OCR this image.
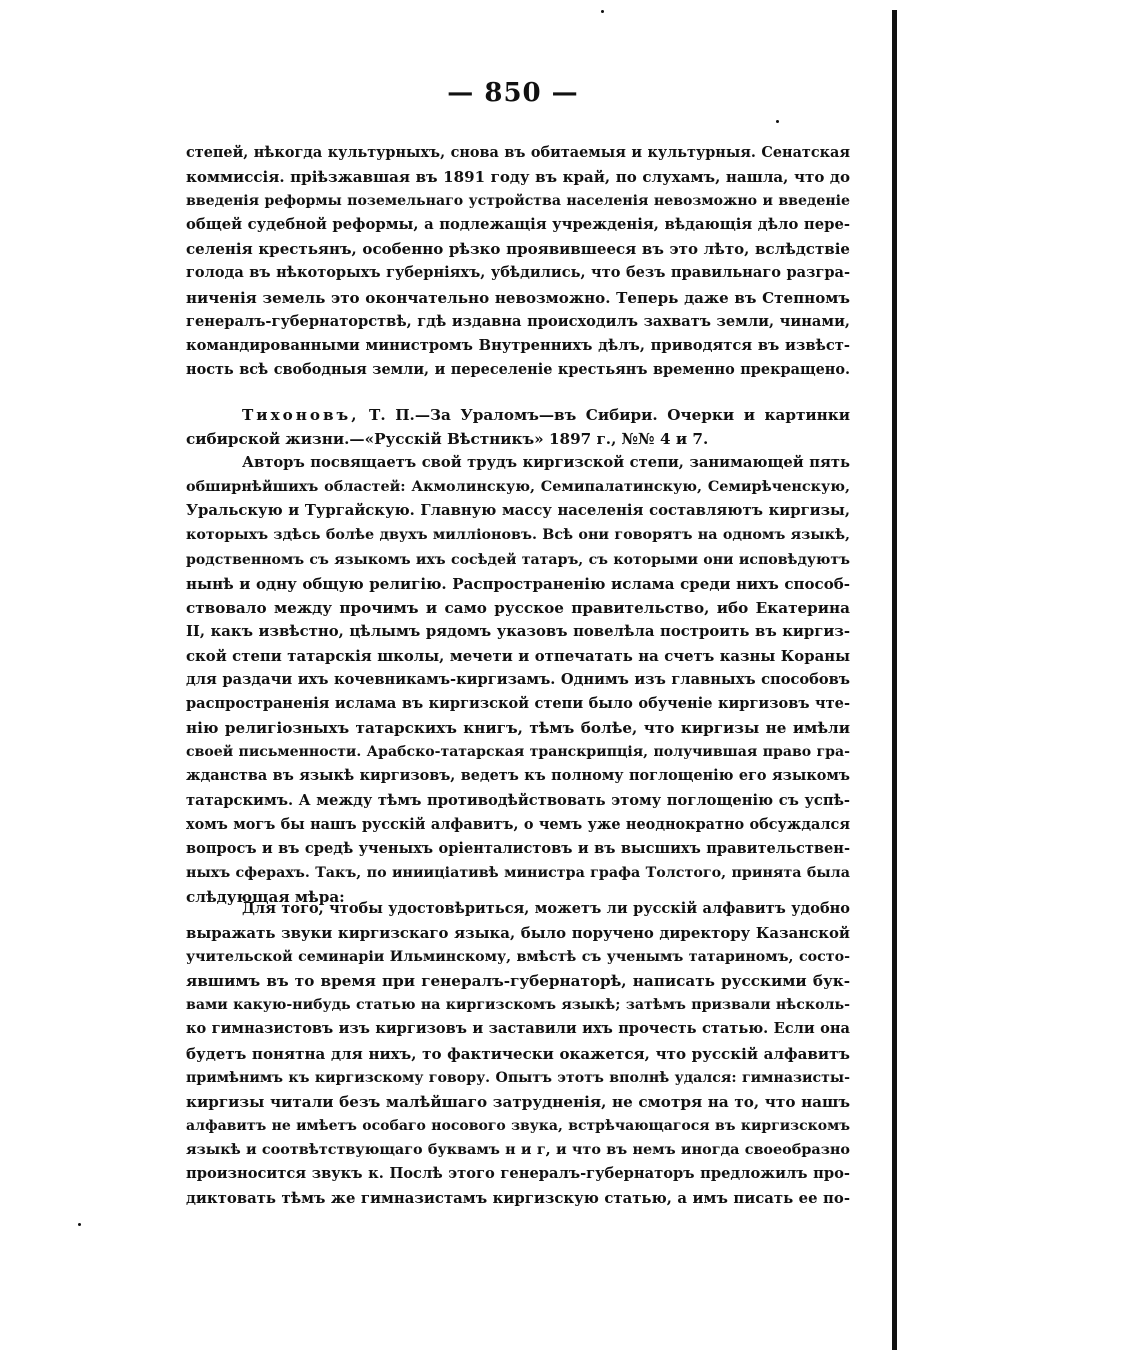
— 850 —
степей, нѣкогда культурныхъ, снова въ обитаемыя и культурныя. Сенатская
коммиссія. пріѣзжавшая въ 1891 году въ край, по слухамъ, нашла, что до
введенія реформы поземельнаго устройства населенія невозможно и введеніе
общей судебной реформы, а подлежащія учрежденія, вѣдающія дѣло пере-
селенія крестьянъ, особенно рѣзко проявившееся въ это лѣто, вслѣдствіе
голода въ нѣкоторыхъ губерніяхъ, убѣдились, что безъ правильнаго разгра-
ниченія земель это окончательно невозможно. Теперь даже въ Степномъ
генералъ-губернаторствѣ, гдѣ издавна происходилъ захватъ земли, чинами,
командированными министромъ Внутреннихъ дѣлъ, приводятся въ извѣст-
ность всѣ свободныя земли, и переселеніе крестьянъ временно прекращено.
Тихоновъ, Т. П.—За Ураломъ—въ Сибири. Очерки и картинки
сибирской жизни.—«Русскій Вѣстникъ» 1897 г., №№ 4 и 7.
Авторъ посвящаетъ свой трудъ киргизской степи, занимающей пять
обширнѣйшихъ областей: Акмолинскую, Семипалатинскую, Семирѣченскую,
Уральскую и Тургайскую. Главную массу населенія составляютъ киргизы,
которыхъ здѣсь болѣе двухъ милліоновъ. Всѣ они говорятъ на одномъ языкѣ,
родственномъ съ языкомъ ихъ сосѣдей татаръ, съ которыми они исповѣдуютъ
нынѣ и одну общую религію. Распространенію ислама среди нихъ способ-
ствовало между прочимъ и само русское правительство, ибо Екатерина
II, какъ извѣстно, цѣлымъ рядомъ указовъ повелѣла построить въ киргиз-
ской степи татарскія школы, мечети и отпечатать на счетъ казны Кораны
для раздачи ихъ кочевникамъ-киргизамъ. Однимъ изъ главныхъ способовъ
распространенія ислама въ киргизской степи было обученіе киргизовъ чте-
нію религіозныхъ татарскихъ книгъ, тѣмъ болѣе, что киргизы не имѣли
своей письменности. Арабско-татарская транскрипція, получившая право гра-
жданства въ языкѣ киргизовъ, ведетъ къ полному поглощенію его языкомъ
татарскимъ. А между тѣмъ противодѣйствовать этому поглощенію съ успѣ-
хомъ могъ бы нашъ русскій алфавитъ, о чемъ уже неоднократно обсуждался
вопросъ и въ средѣ ученыхъ оріенталистовъ и въ высшихъ правительствен-
ныхъ сферахъ. Такъ, по инииціативѣ министра графа Толстого, принята была
слѣдующая мѣра:
Для того, чтобы удостовѣриться, можетъ ли русскій алфавитъ удобно
выражать звуки киргизскаго языка, было поручено директору Казанской
учительской семинаріи Ильминскому, вмѣстѣ съ ученымъ татариномъ, состо-
явшимъ въ то время при генералъ-губернаторѣ, написать русскими бук-
вами какую-нибудь статью на киргизскомъ языкѣ; затѣмъ призвали нѣсколь-
ко гимназистовъ изъ киргизовъ и заставили ихъ прочесть статью. Если она
будетъ понятна для нихъ, то фактически окажется, что русскій алфавитъ
примѣнимъ къ киргизскому говору. Опытъ этотъ вполнѣ удался: гимназисты-
киргизы читали безъ малѣйшаго затрудненія, не смотря на то, что нашъ
алфавитъ не имѣетъ особаго носового звука, встрѣчающагося въ киргизскомъ
языкѣ и соотвѣтствующаго буквамъ н и г, и что въ немъ иногда своеобразно
произносится звукъ к. Послѣ этого генералъ-губернаторъ предложилъ про-
диктовать тѣмъ же гимназистамъ киргизскую статью, а имъ писать ее по-
